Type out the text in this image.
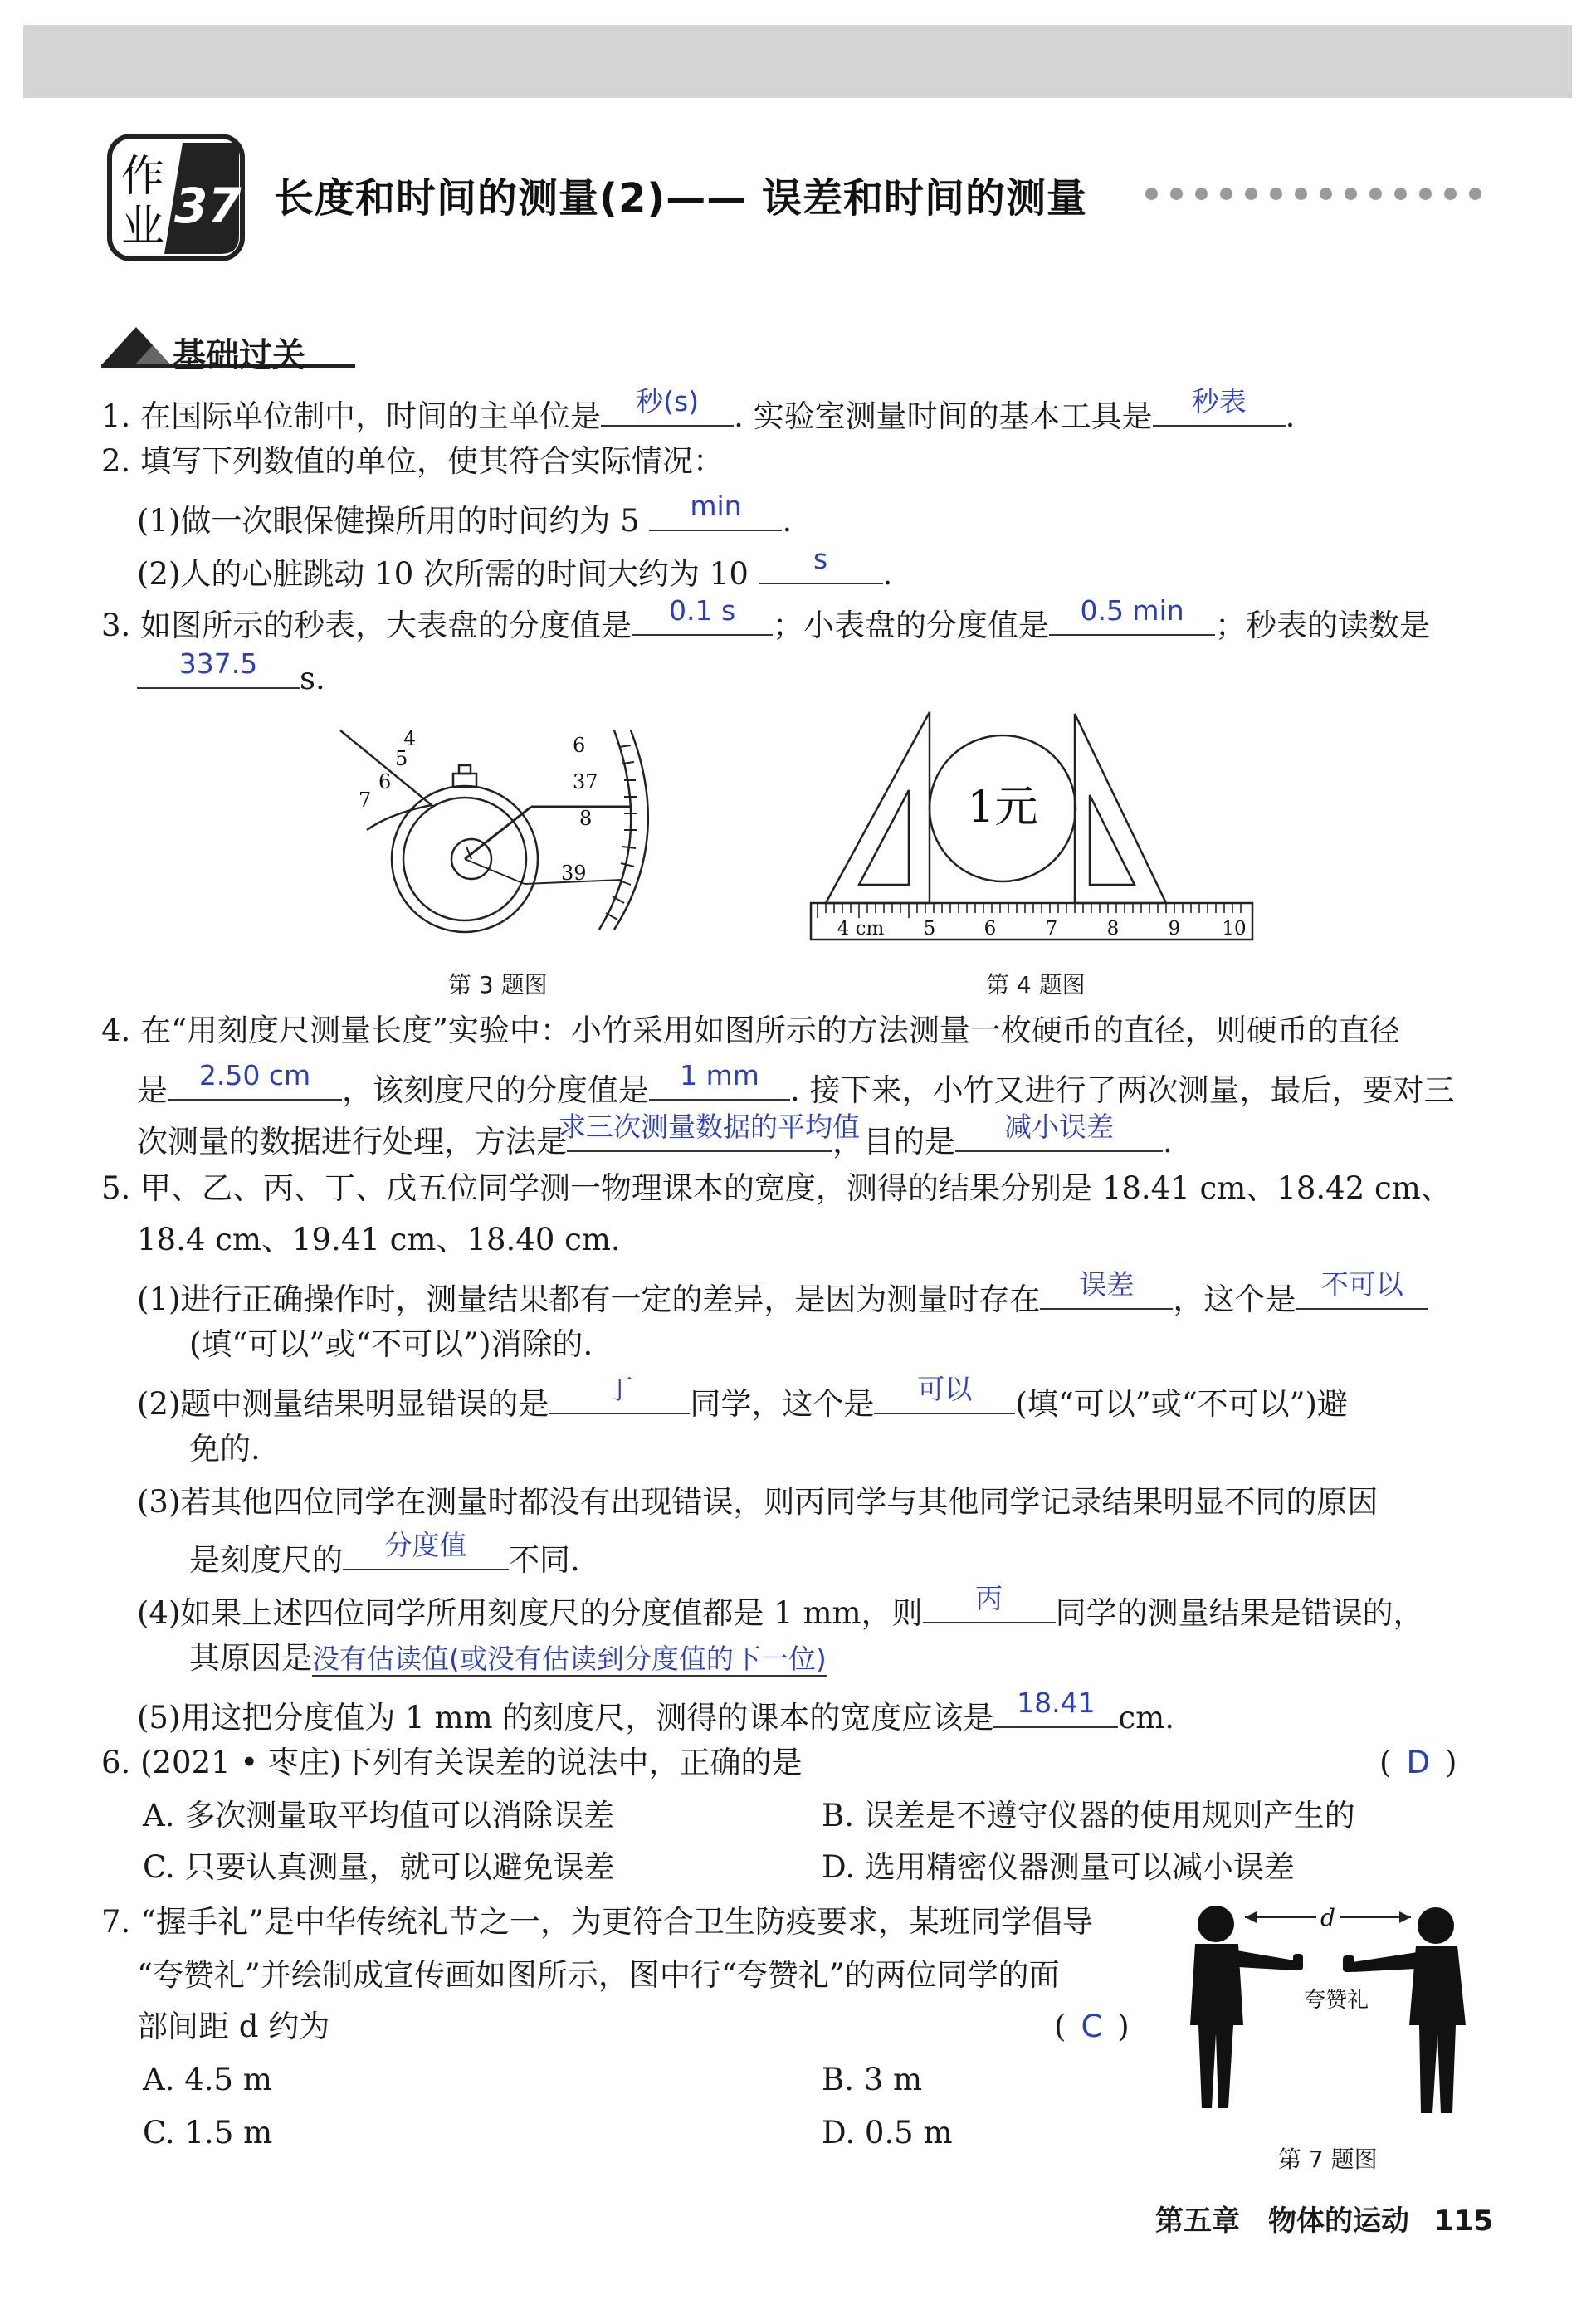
作
业 37 长度和时间的测量(2)—— 误差和时间的测量
基础过关
1. 在国际单位制中，时间的主单位是	秒(s)	. 实验室测量时间的基本工具是	秒表	.
2. 填写下列数值的单位，使其符合实际情况：
(1)做一次眼保健操所用的时间约为 5	min	.
(2)人的心脏跳动 10 次所需的时间大约为 10	s	.
3. 如图所示的秒表，大表盘的分度值是	0.1 s	；小表盘的分度值是	0.5 min	；秒表的读数是
337.5	s.
4
5
6
7
6
37
8
39
第 3 题图
1元
4 cm 5	6	7	8	9 10
第 4 题图
4. 在“用刻度尺测量长度”实验中：小竹采用如图所示的方法测量一枚硬币的直径，则硬币的直径
是	2.50 cm	，该刻度尺的分度值是	1 mm	. 接下来，小竹又进行了两次测量，最后，要对三
次测量的数据进行处理，方法是
求三次测量数据的平均值
，目的是	减小误差	.
5. 甲、乙、丙、丁、戊五位同学测一物理课本的宽度，测得的结果分别是 18.41 cm、18.42 cm、
18.4 cm、19.41 cm、18.40 cm.
(1)进行正确操作时，测量结果都有一定的差异，是因为测量时存在	误差	，这个是 不可以
(填“可以”或“不可以”)消除的.
(2)题中测量结果明显错误的是	丁	同学，这个是	可以	(填“可以”或“不可以”)避
免的.
(3)若其他四位同学在测量时都没有出现错误，则丙同学与其他同学记录结果明显不同的原因
是刻度尺的	分度值	不同.
(4)如果上述四位同学所用刻度尺的分度值都是 1 mm，则	丙	同学的测量结果是错误的，
其原因是没有估读值(或没有估读到分度值的下一位)
(5)用这把分度值为 1 mm 的刻度尺，测得的课本的宽度应该是 18.41 cm.
6. (2021 • 枣庄)下列有关误差的说法中，正确的是	( D )
A. 多次测量取平均值可以消除误差	B. 误差是不遵守仪器的使用规则产生的
C. 只要认真测量，就可以避免误差	D. 选用精密仪器测量可以减小误差
7. “握手礼”是中华传统礼节之一，为更符合卫生防疫要求，某班同学倡导
“夸赞礼”并绘制成宣传画如图所示，图中行“夸赞礼”的两位同学的面
部间距 d 约为	( C )
A. 4.5 m	B. 3 m
C. 1.5 m	D. 0.5 m
d
夸赞礼
第 7 题图
第五章　物体的运动 115
